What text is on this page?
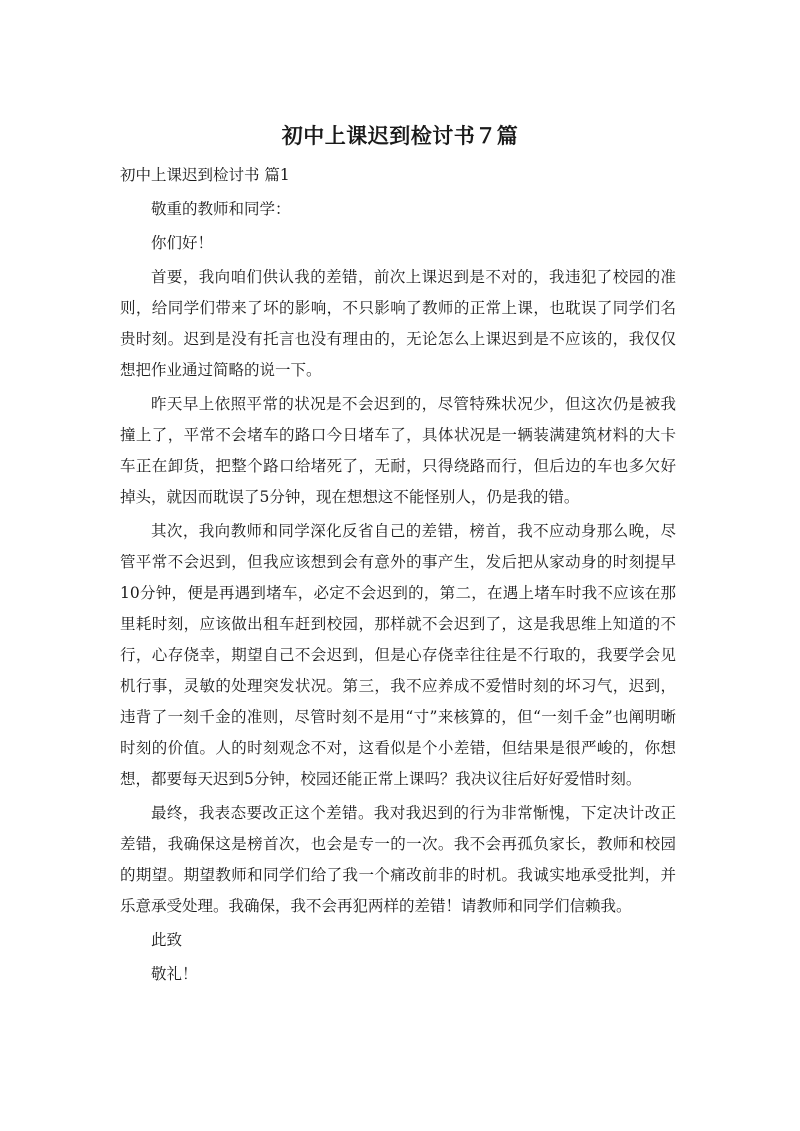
初中上课迟到检讨书７篇

初中上课迟到检讨书 篇1

敬重的教师和同学：

你们好！

首要，我向咱们供认我的差错，前次上课迟到是不对的，我违犯了校园的准则，给同学们带来了坏的影响，不只影响了教师的正常上课，也耽误了同学们名贵时刻。迟到是没有托言也没有理由的，无论怎么上课迟到是不应该的，我仅仅想把作业通过简略的说一下。

昨天早上依照平常的状况是不会迟到的，尽管特殊状况少，但这次仍是被我撞上了，平常不会堵车的路口今日堵车了，具体状况是一辆装满建筑材料的大卡车正在卸货，把整个路口给堵死了，无耐，只得绕路而行，但后边的车也多欠好掉头，就因而耽误了5分钟，现在想想这不能怪别人，仍是我的错。

其次，我向教师和同学深化反省自己的差错，榜首，我不应动身那么晚，尽管平常不会迟到，但我应该想到会有意外的事产生，发后把从家动身的时刻提早10分钟，便是再遇到堵车，必定不会迟到的，第二，在遇上堵车时我不应该在那里耗时刻，应该做出租车赶到校园，那样就不会迟到了，这是我思维上知道的不行，心存侥幸，期望自己不会迟到，但是心存侥幸往往是不行取的，我要学会见机行事，灵敏的处理突发状况。第三，我不应养成不爱惜时刻的坏习气，迟到，违背了一刻千金的准则，尽管时刻不是用“寸”来核算的，但“一刻千金”也阐明晰时刻的价值。人的时刻观念不对，这看似是个小差错，但结果是很严峻的，你想想，都要每天迟到5分钟，校园还能正常上课吗？我决议往后好好爱惜时刻。

最终，我表态要改正这个差错。我对我迟到的行为非常惭愧，下定决计改正差错，我确保这是榜首次，也会是专一的一次。我不会再孤负家长，教师和校园的期望。期望教师和同学们给了我一个痛改前非的时机。我诚实地承受批判，并乐意承受处理。我确保，我不会再犯两样的差错！请教师和同学们信赖我。

此致

敬礼！
